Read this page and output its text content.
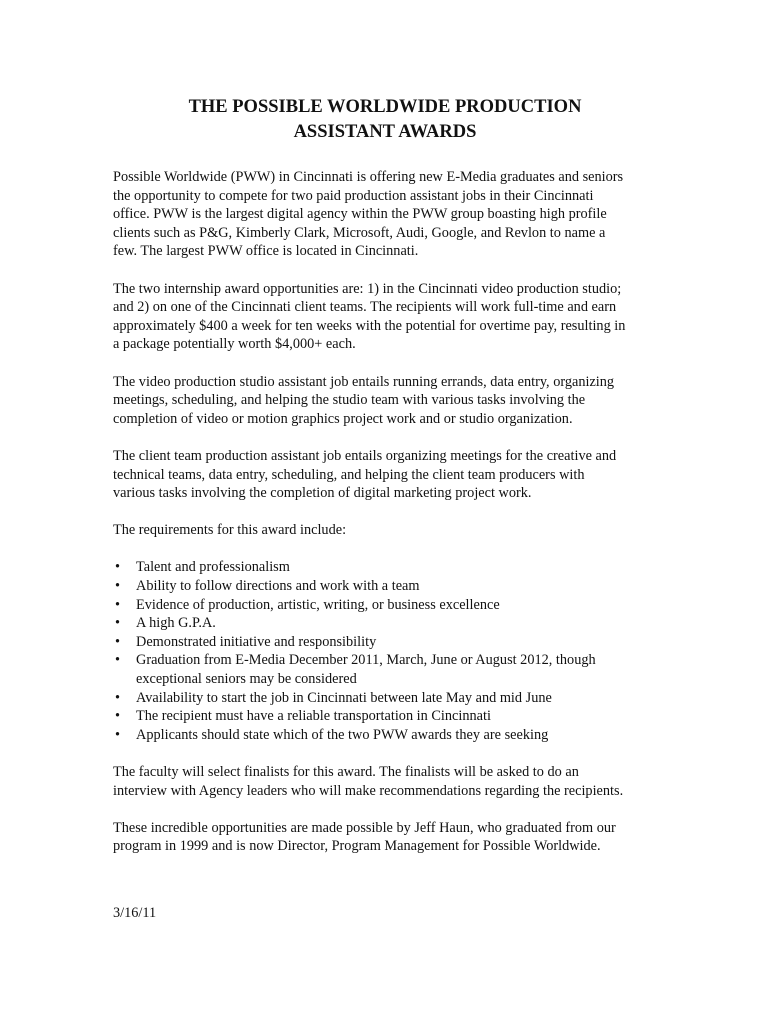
THE POSSIBLE WORLDWIDE PRODUCTION
ASSISTANT AWARDS

Possible Worldwide (PWW) in Cincinnati is offering new E-Media graduates and seniors
the opportunity to compete for two paid production assistant jobs in their Cincinnati
office. PWW is the largest digital agency within the PWW group boasting high profile
clients such as P&G, Kimberly Clark, Microsoft, Audi, Google, and Revlon to name a
few. The largest PWW office is located in Cincinnati.

The two internship award opportunities are: 1) in the Cincinnati video production studio;
and 2) on one of the Cincinnati client teams. The recipients will work full-time and earn
approximately $400 a week for ten weeks with the potential for overtime pay, resulting in
a package potentially worth $4,000+ each.

The video production studio assistant job entails running errands, data entry, organizing
meetings, scheduling, and helping the studio team with various tasks involving the
completion of video or motion graphics project work and or studio organization.

The client team production assistant job entails organizing meetings for the creative and
technical teams, data entry, scheduling, and helping the client team producers with
various tasks involving the completion of digital marketing project work.

The requirements for this award include:

• Talent and professionalism
• Ability to follow directions and work with a team
• Evidence of production, artistic, writing, or business excellence
• A high G.P.A.
• Demonstrated initiative and responsibility
• Graduation from E-Media December 2011, March, June or August 2012, though
exceptional seniors may be considered
• Availability to start the job in Cincinnati between late May and mid June
• The recipient must have a reliable transportation in Cincinnati
• Applicants should state which of the two PWW awards they are seeking

The faculty will select finalists for this award. The finalists will be asked to do an
interview with Agency leaders who will make recommendations regarding the recipients.

These incredible opportunities are made possible by Jeff Haun, who graduated from our
program in 1999 and is now Director, Program Management for Possible Worldwide.

3/16/11
